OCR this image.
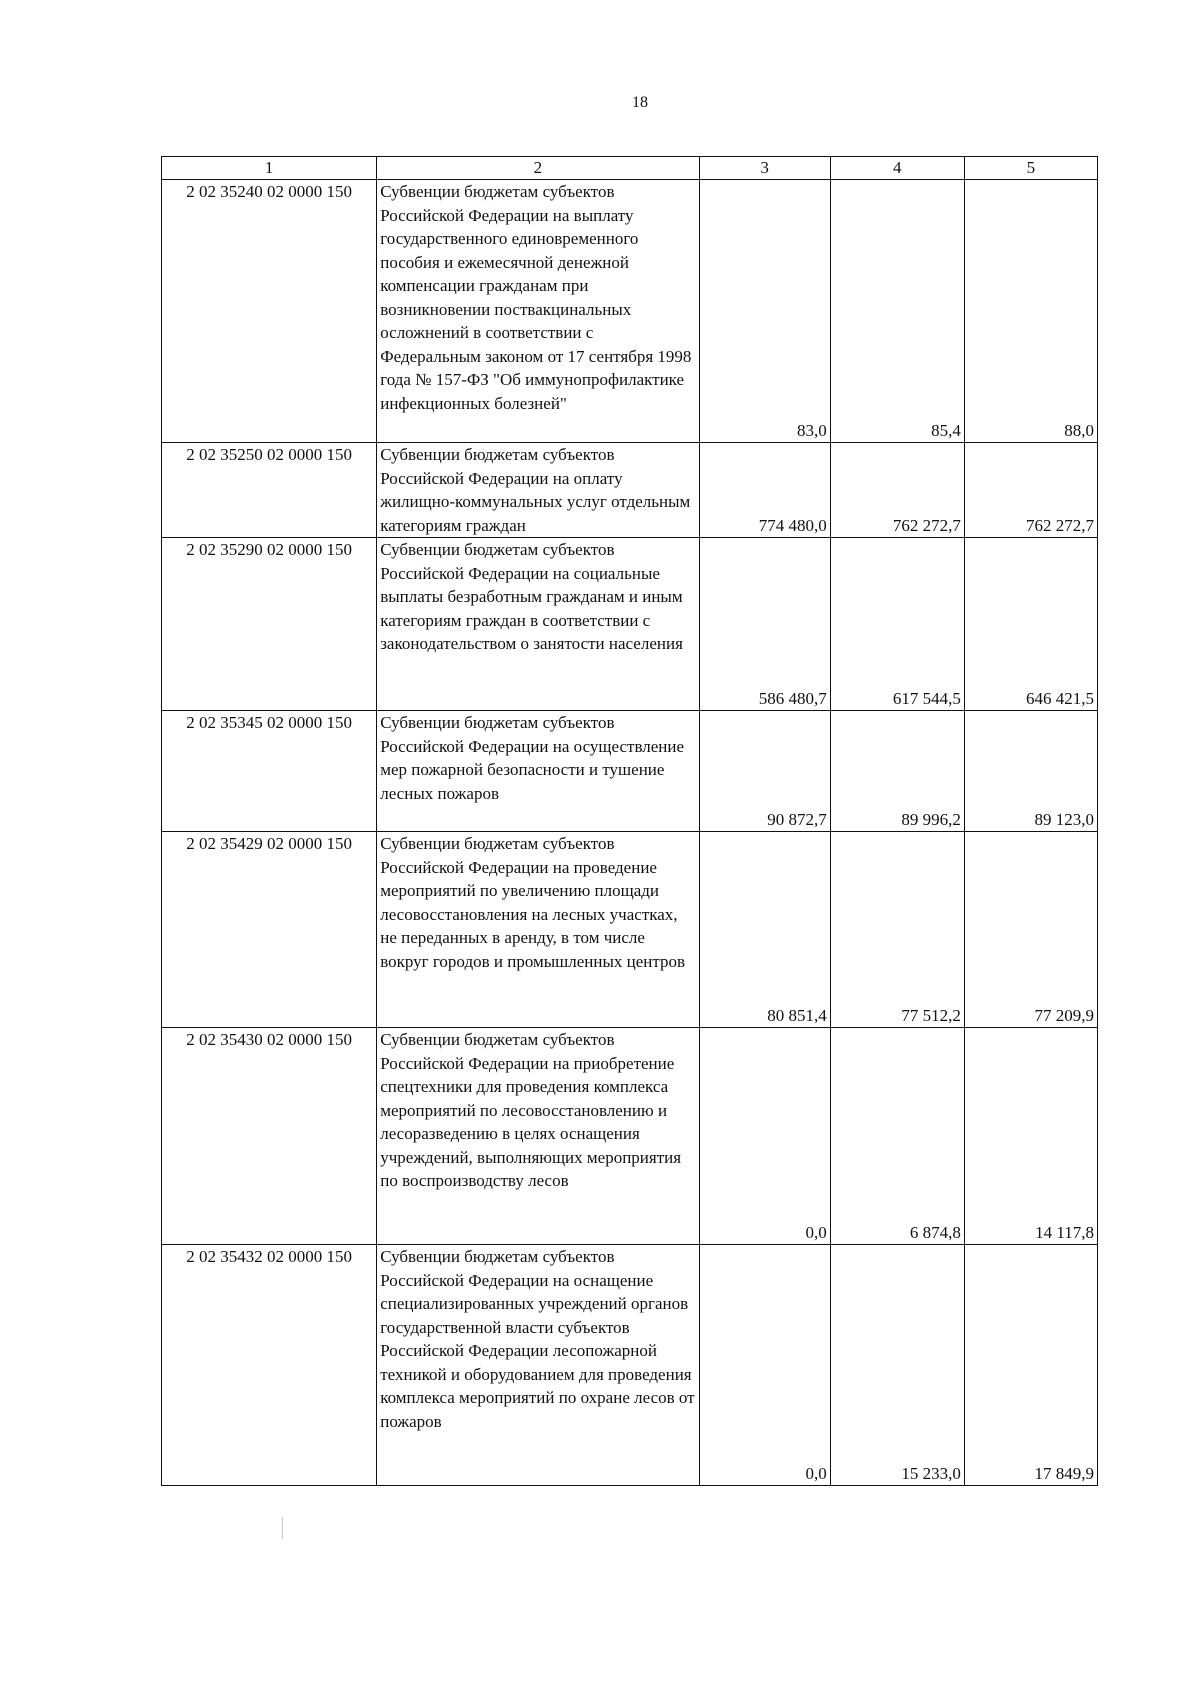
18
1	2	3	4	5
2 02 35240 02 0000 150	Субвенции бюджетам субъектов Российской Федерации на выплату государственного единовременного пособия и ежемесячной денежной компенсации гражданам при возникновении поствакцинальных осложнений в соответствии с Федеральным законом от 17 сентября 1998 года № 157-ФЗ "Об иммунопрофилактике инфекционных болезней"	83,0	85,4	88,0
2 02 35250 02 0000 150	Субвенции бюджетам субъектов Российской Федерации на оплату жилищно-коммунальных услуг отдельным категориям граждан	774 480,0	762 272,7	762 272,7
2 02 35290 02 0000 150	Субвенции бюджетам субъектов Российской Федерации на социальные выплаты безработным гражданам и иным категориям граждан в соответствии с законодательством о занятости населения	586 480,7	617 544,5	646 421,5
2 02 35345 02 0000 150	Субвенции бюджетам субъектов Российской Федерации на осуществление мер пожарной безопасности и тушение лесных пожаров	90 872,7	89 996,2	89 123,0
2 02 35429 02 0000 150	Субвенции бюджетам субъектов Российской Федерации на проведение мероприятий по увеличению площади лесовосстановления на лесных участках, не переданных в аренду, в том числе вокруг городов и промышленных центров	80 851,4	77 512,2	77 209,9
2 02 35430 02 0000 150	Субвенции бюджетам субъектов Российской Федерации на приобретение спецтехники для проведения комплекса мероприятий по лесовосстановлению и лесоразведению в целях оснащения учреждений, выполняющих мероприятия по воспроизводству лесов	0,0	6 874,8	14 117,8
2 02 35432 02 0000 150	Субвенции бюджетам субъектов Российской Федерации на оснащение специализированных учреждений органов государственной власти субъектов Российской Федерации лесопожарной техникой и оборудованием для проведения комплекса мероприятий по охране лесов от пожаров	0,0	15 233,0	17 849,9
